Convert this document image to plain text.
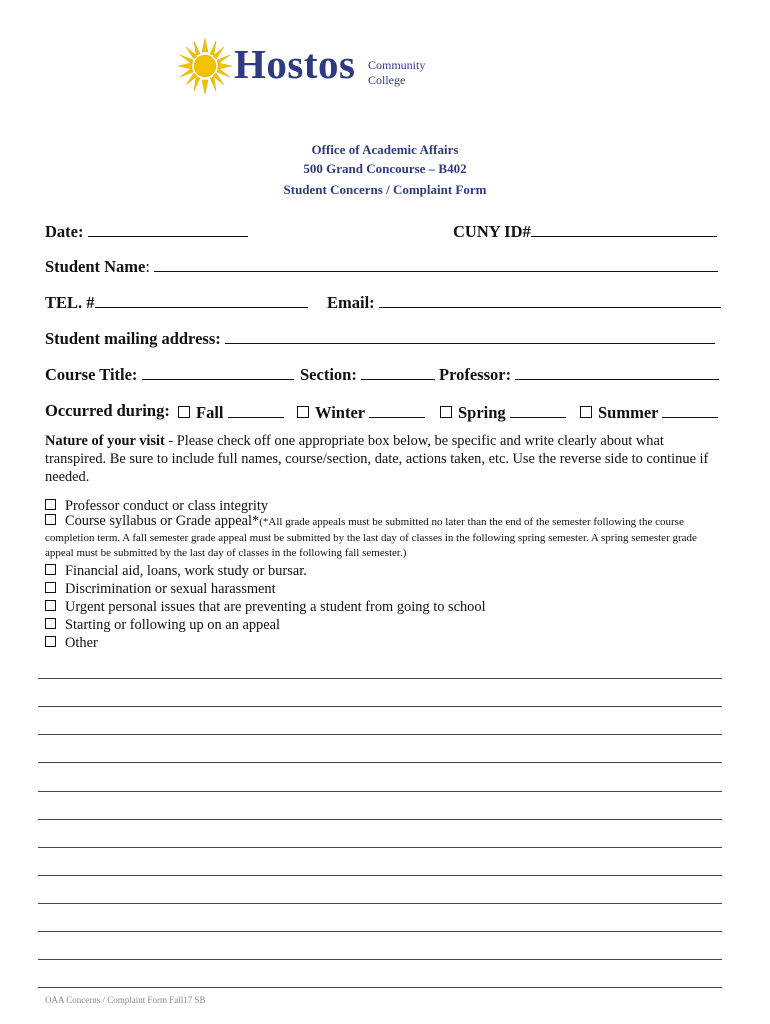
Hostos Community
College
Office of Academic Affairs
500 Grand Concourse – B402
Student Concerns / Complaint Form
Date:	CUNY ID#
Student Name:
TEL. #	Email:
Student mailing address:
Course Title:	Section:	Professor:
Occurred during:	Fall	Winter	Spring	Summer
Nature of your visit - Please check off one appropriate box below, be specific and write clearly about what transpired. Be sure to include full names, course/section, date, actions taken, etc. Use the reverse side to continue if needed.
Professor conduct or class integrity
Course syllabus or Grade appeal*(*All grade appeals must be submitted no later than the end of the semester following the course completion term. A fall semester grade appeal must be submitted by the last day of classes in the following spring semester. A spring semester grade appeal must be submitted by the last day of classes in the following fall semester.)
Financial aid, loans, work study or bursar.
Discrimination or sexual harassment
Urgent personal issues that are preventing a student from going to school
Starting or following up on an appeal
Other
OAA Concerns / Complaint Form Fall17 SB
